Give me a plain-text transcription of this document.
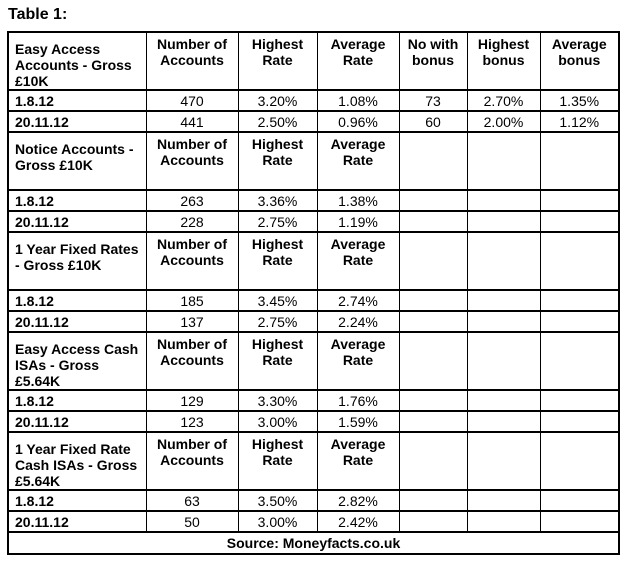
Table 1:
Easy Access Accounts - Gross £10K	Number of Accounts	Highest Rate	Average Rate	No with bonus	Highest bonus	Average bonus
1.8.12	470	3.20%	1.08%	73	2.70%	1.35%
20.11.12	441	2.50%	0.96%	60	2.00%	1.12%
Notice Accounts - Gross £10K	Number of Accounts	Highest Rate	Average Rate			
1.8.12	263	3.36%	1.38%			
20.11.12	228	2.75%	1.19%			
1 Year Fixed Rates - Gross £10K	Number of Accounts	Highest Rate	Average Rate			
1.8.12	185	3.45%	2.74%			
20.11.12	137	2.75%	2.24%			
Easy Access Cash ISAs - Gross £5.64K	Number of Accounts	Highest Rate	Average Rate			
1.8.12	129	3.30%	1.76%			
20.11.12	123	3.00%	1.59%			
1 Year Fixed Rate Cash ISAs - Gross £5.64K	Number of Accounts	Highest Rate	Average Rate			
1.8.12	63	3.50%	2.82%			
20.11.12	50	3.00%	2.42%			
Source: Moneyfacts.co.uk						
